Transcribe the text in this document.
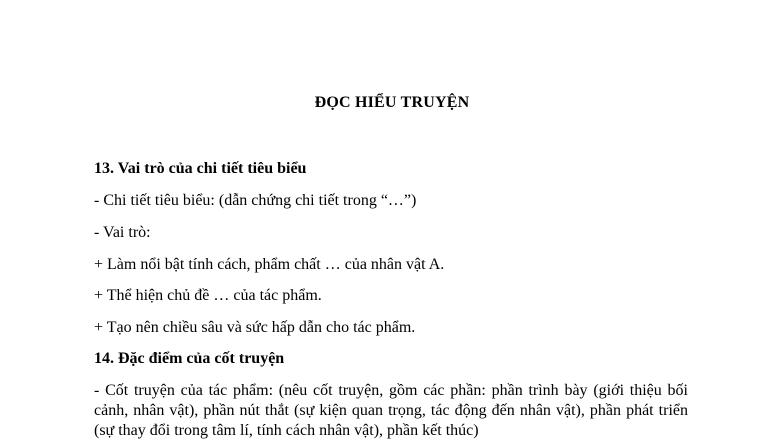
ĐỌC HIỂU TRUYỆN
13. Vai trò của chi tiết tiêu biểu
- Chi tiết tiêu biểu: (dẫn chứng chi tiết trong “…”)
- Vai trò:
+ Làm nổi bật tính cách, phẩm chất … của nhân vật A.
+ Thể hiện chủ đề … của tác phẩm.
+ Tạo nên chiều sâu và sức hấp dẫn cho tác phẩm.
14. Đặc điểm của cốt truyện
- Cốt truyện của tác phẩm: (nêu cốt truyện, gồm các phần: phần trình bày (giới thiệu bối cảnh, nhân vật), phần nút thắt (sự kiện quan trọng, tác động đến nhân vật), phần phát triển (sự thay đổi trong tâm lí, tính cách nhân vật), phần kết thúc)
